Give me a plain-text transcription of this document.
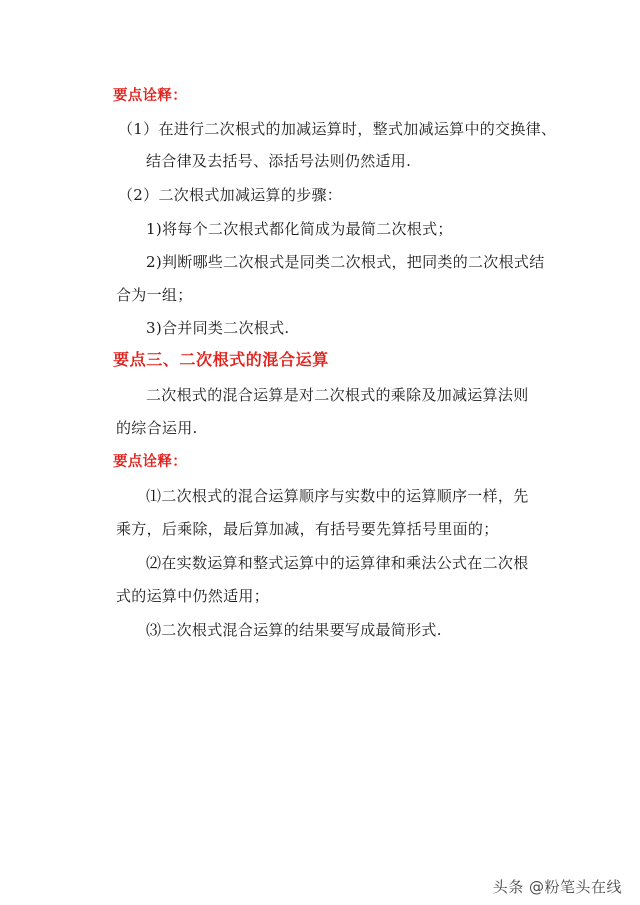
要点诠释：
（1）在进行二次根式的加减运算时，整式加减运算中的交换律、
结合律及去括号、添括号法则仍然适用.
（2）二次根式加减运算的步骤：
1)将每个二次根式都化简成为最简二次根式；
2)判断哪些二次根式是同类二次根式，把同类的二次根式结
合为一组；
3)合并同类二次根式.
要点三、二次根式的混合运算
二次根式的混合运算是对二次根式的乘除及加减运算法则
的综合运用.
要点诠释：
⑴二次根式的混合运算顺序与实数中的运算顺序一样，先
乘方，后乘除，最后算加减，有括号要先算括号里面的；
⑵在实数运算和整式运算中的运算律和乘法公式在二次根
式的运算中仍然适用；
⑶二次根式混合运算的结果要写成最简形式.
头条 @粉笔头在线
